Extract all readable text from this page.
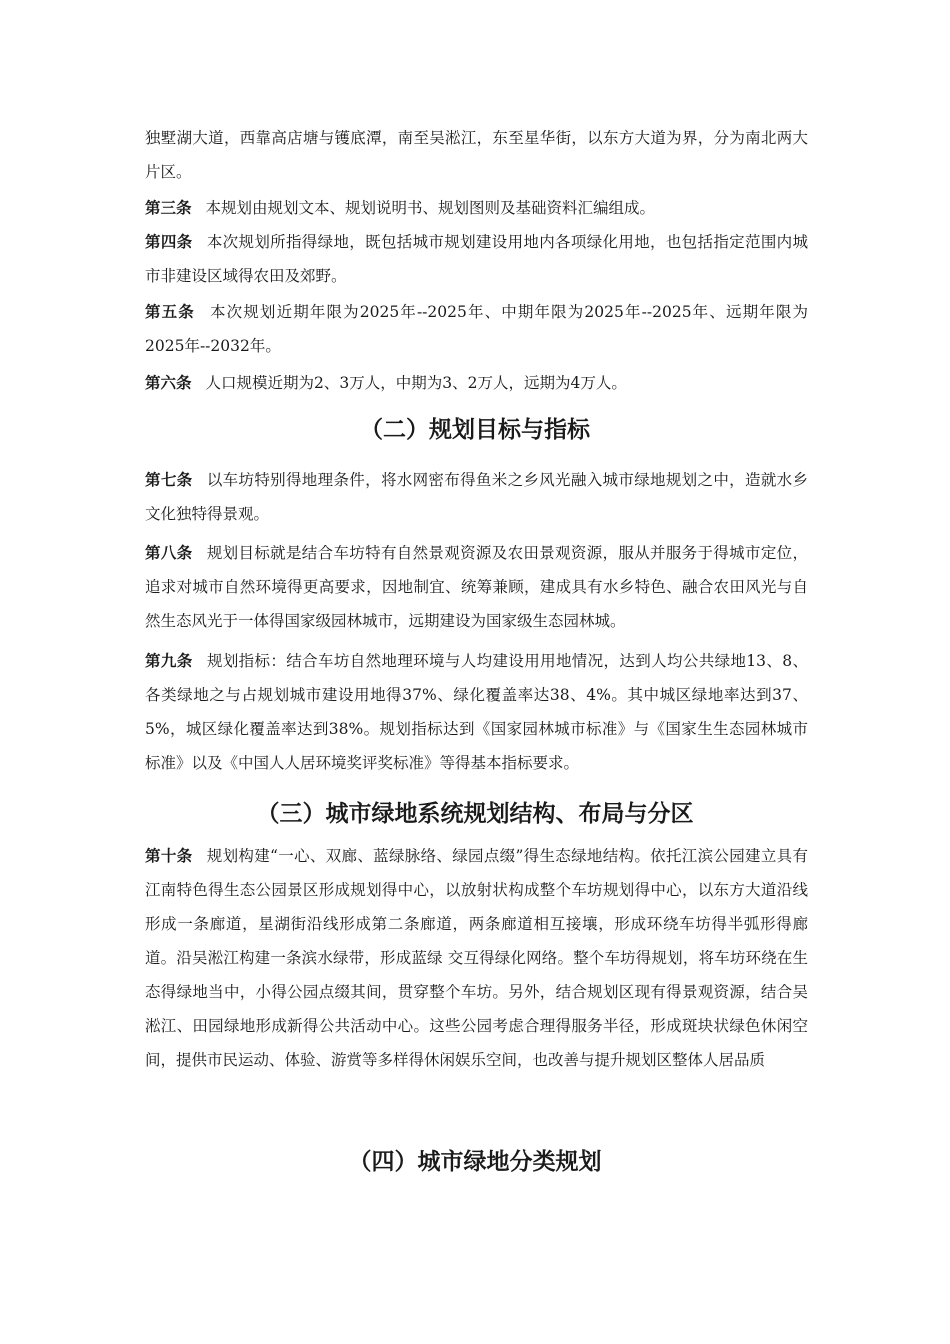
独墅湖大道，西靠高店塘与镬底潭，南至吴淞江，东至星华街，以东方大道为界，分为南北两大片区。

第三条 本规划由规划文本、规划说明书、规划图则及基础资料汇编组成。

第四条 本次规划所指得绿地，既包括城市规划建设用地内各项绿化用地，也包括指定范围内城市非建设区域得农田及郊野。

第五条 本次规划近期年限为2025年--2025年、中期年限为2025年--2025年、远期年限为2025年--2032年。

第六条 人口规模近期为2、3万人，中期为3、2万人，远期为4万人。

（二）规划目标与指标

第七条 以车坊特别得地理条件，将水网密布得鱼米之乡风光融入城市绿地规划之中，造就水乡文化独特得景观。

第八条 规划目标就是结合车坊特有自然景观资源及农田景观资源，服从并服务于得城市定位，追求对城市自然环境得更高要求，因地制宜、统筹兼顾，建成具有水乡特色、融合农田风光与自然生态风光于一体得国家级园林城市，远期建设为国家级生态园林城。

第九条 规划指标：结合车坊自然地理环境与人均建设用用地情况，达到人均公共绿地13、8、各类绿地之与占规划城市建设用地得37%、绿化覆盖率达38、4%。其中城区绿地率达到37、5%，城区绿化覆盖率达到38%。规划指标达到《国家园林城市标准》与《国家生生态园林城市标准》以及《中国人人居环境奖评奖标准》等得基本指标要求。

（三）城市绿地系统规划结构、布局与分区

第十条 规划构建“一心、双廊、蓝绿脉络、绿园点缀”得生态绿地结构。依托江滨公园建立具有江南特色得生态公园景区形成规划得中心，以放射状构成整个车坊规划得中心，以东方大道沿线形成一条廊道，星湖街沿线形成第二条廊道，两条廊道相互接壤，形成环绕车坊得半弧形得廊道。沿吴淞江构建一条滨水绿带，形成蓝绿 交互得绿化网络。整个车坊得规划，将车坊环绕在生态得绿地当中，小得公园点缀其间，贯穿整个车坊。另外，结合规划区现有得景观资源，结合吴淞江、田园绿地形成新得公共活动中心。这些公园考虑合理得服务半径，形成斑块状绿色休闲空间，提供市民运动、体验、游赏等多样得休闲娱乐空间，也改善与提升规划区整体人居品质

（四）城市绿地分类规划
